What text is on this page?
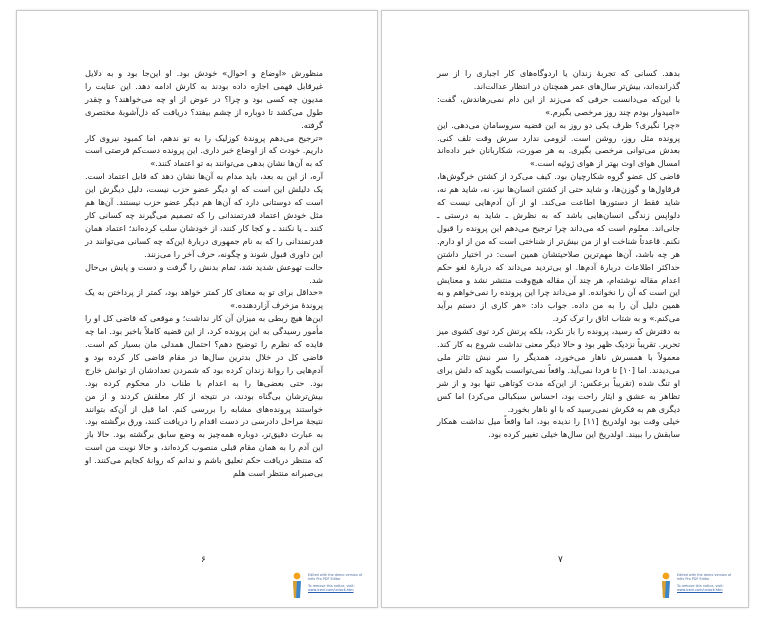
منظورش «اوضاع و احوال» خودش بود. او این‌جا بود و به دلایل غیرقابل فهمی اجازه داده بودند به کارش ادامه دهد. این عنایت را مدیون چه کسی بود و چرا؟ در عوض از او چه می‌خواهند؟ و چقدر طول می‌کشد تا دوباره از چشم بیفتد؟ دریافت که دل‌آشوبهٔ مختصری گرفته.

«ترجیح می‌دهم پروندهٔ کوزلیک را به تو ندهم، اما کمبود نیروی کار داریم. خودت که از اوضاع خبر داری. این پرونده دست‌کم فرصتی است که به آن‌ها نشان بدهی می‌توانند به تو اعتماد کنند.»

آره، از این به بعد، باید مدام به آن‌ها نشان دهد که قابل اعتماد است. یک دلیلش این است که او دیگر عضو حزب نیست، دلیل دیگرش این است که دوستانی دارد که آن‌ها هم دیگر عضو حزب نیستند. آن‌ها هم مثل خودش اعتماد قدرتمندانی را که تصمیم می‌گیرند چه کسانی کار کنند ـ یا نکنند ـ و کجا کار کنند، از خودشان سلب کرده‌اند؛ اعتماد همان قدرتمندانی را که به نام جمهوری دربارهٔ این‌که چه کسانی می‌توانند در این داوری قبول شوند و چگونه، حرف آخر را می‌زنند.

حالت تهوعش شدید شد، تمام بدنش را گرفت و دست و پایش بی‌حال شد.

«حداقل برای تو به معنای کار کمتر خواهد بود، کمتر از پرداختن به یک پروندهٔ مزخرف آزاردهنده.»

این‌ها هیچ ربطی به میزان آن کار نداشت؛ و موقعی که قاضی کل او را مأمور رسیدگی به این پرونده کرد، از این قضیه کاملاً باخبر بود. اما چه فایده که نظرم را توضیح دهم؟ احتمال همدلی‌ مان بسیار کم است. قاضی کل در خلال بدترین سال‌ها در مقام قاضی کار کرده بود و آدم‌هایی را روانهٔ زندان کرده بود که شمردن تعدادشان از توانش خارج بود. حتی بعضی‌ها را به اعدام با طناب دار محکوم کرده بود. بیش‌ترشان بی‌گناه بودند، در نتیجه از کار معلقش کردند و از من خواستند پرونده‌های مشابه را بررسی کنم. اما قبل از آن‌که بتوانند نتیجهٔ مراحل دادرسی در دست اقدام را دریافت کنند، ورق برگشته بود. به عبارت دقیق‌تر، دوباره همه‌چیز به وضع سابق برگشته بود. حالا باز این آدم را به همان مقام قبلی منصوب کرده‌اند، و حالا نوبت من است که منتظر دریافت حکم تعلیق باشم و ندانم که روانهٔ کجایم می‌کنند. او بی‌صبرانه منتظر است هلم

۶
Edited with the demo version of
Infix Pro PDF Editor
To remove this notice, visit:
www.iceni.com/unlock.htm

بدهد. کسانی که تجربهٔ زندان یا اردوگاه‌های کار اجباری را از سر گذرانده‌اند، بیش‌تر سال‌های عمر همچنان در انتظار عدالت‌اند.

با این‌که می‌دانست حرفی که می‌زند از این دام نمی‌رهاندش، گفت: «امیدوار بودم چند روز مرخصی بگیرم.»

«چرا نگیری؟ ظرف یکی دو روز به این قضیه سروسامان می‌دهی. این پرونده مثل روز، روشن است. لزومی ندارد سرش وقت تلف کنی. بعدش می‌توانی مرخصی بگیری. به هر صورت، شکاربانان خبر داده‌اند امسال هوای اوت بهتر از هوای ژوئیه است.»

قاضی کل عضو گروه شکارچیان بود. کیف می‌کرد از کشتن خرگوش‌ها، قرقاول‌ها و گوزن‌ها، و شاید حتی از کشتن انسان‌ها نیز، نه، شاید هم نه، شاید فقط از دستورها اطاعت می‌کند. او از آن آدم‌هایی نیست که دلواپس زندگی انسان‌هایی باشد که به نظرش ـ شاید به درستی ـ جانی‌اند. معلوم است که می‌داند چرا ترجیح می‌دهم این پرونده را قبول نکنم. قاعدتاً شناخت او از من بیش‌تر از شناختی است که من از او دارم. هر چه باشد، آن‌ها مهم‌ترین صلاحیتشان همین است: در اختیار داشتن حداکثر اطلاعات دربارهٔ آدم‌ها. او بی‌تردید می‌داند که دربارهٔ لغو حکم اعدام مقاله نوشته‌ام، هر چند آن مقاله هیچ‌وقت منتشر نشد و معنایش این است که آن را نخوانده. او می‌داند چرا این پرونده را نمی‌خواهم و به همین دلیل آن را به من داده. جواب داد: «هر کاری از دستم برآید می‌کنم.» و به شتاب اتاق را ترک کرد.

به دفترش که رسید، پرونده را باز نکرد، بلکه پرتش کرد توی کشوی میز تحریر. تقریباً نزدیک ظهر بود و حالا دیگر معنی نداشت شروع به کار کند. معمولاً با همسرش ناهار می‌خورد، همدیگر را سر نبش تئاتر ملی می‌دیدند. اما [۱۰] تا فردا نمی‌آید. واقعاً نمی‌توانست بگوید که دلش برای او تنگ شده (تقریباً برعکس: از این‌که مدت کوتاهی تنها بود و از شر تظاهر به عشق و ایثار راحت بود، احساس سبکبالی می‌کرد) اما کس دیگری هم به فکرش نمی‌رسید که با او ناهار بخورد.

خیلی وقت بود اولدریخ [۱۱] را ندیده بود، اما واقعاً میل نداشت همکار سابقش را ببیند. اولدریخ این سال‌ها خیلی تغییر کرده بود.

۷
Edited with the demo version of
Infix Pro PDF Editor
To remove this notice, visit:
www.iceni.com/unlock.htm
